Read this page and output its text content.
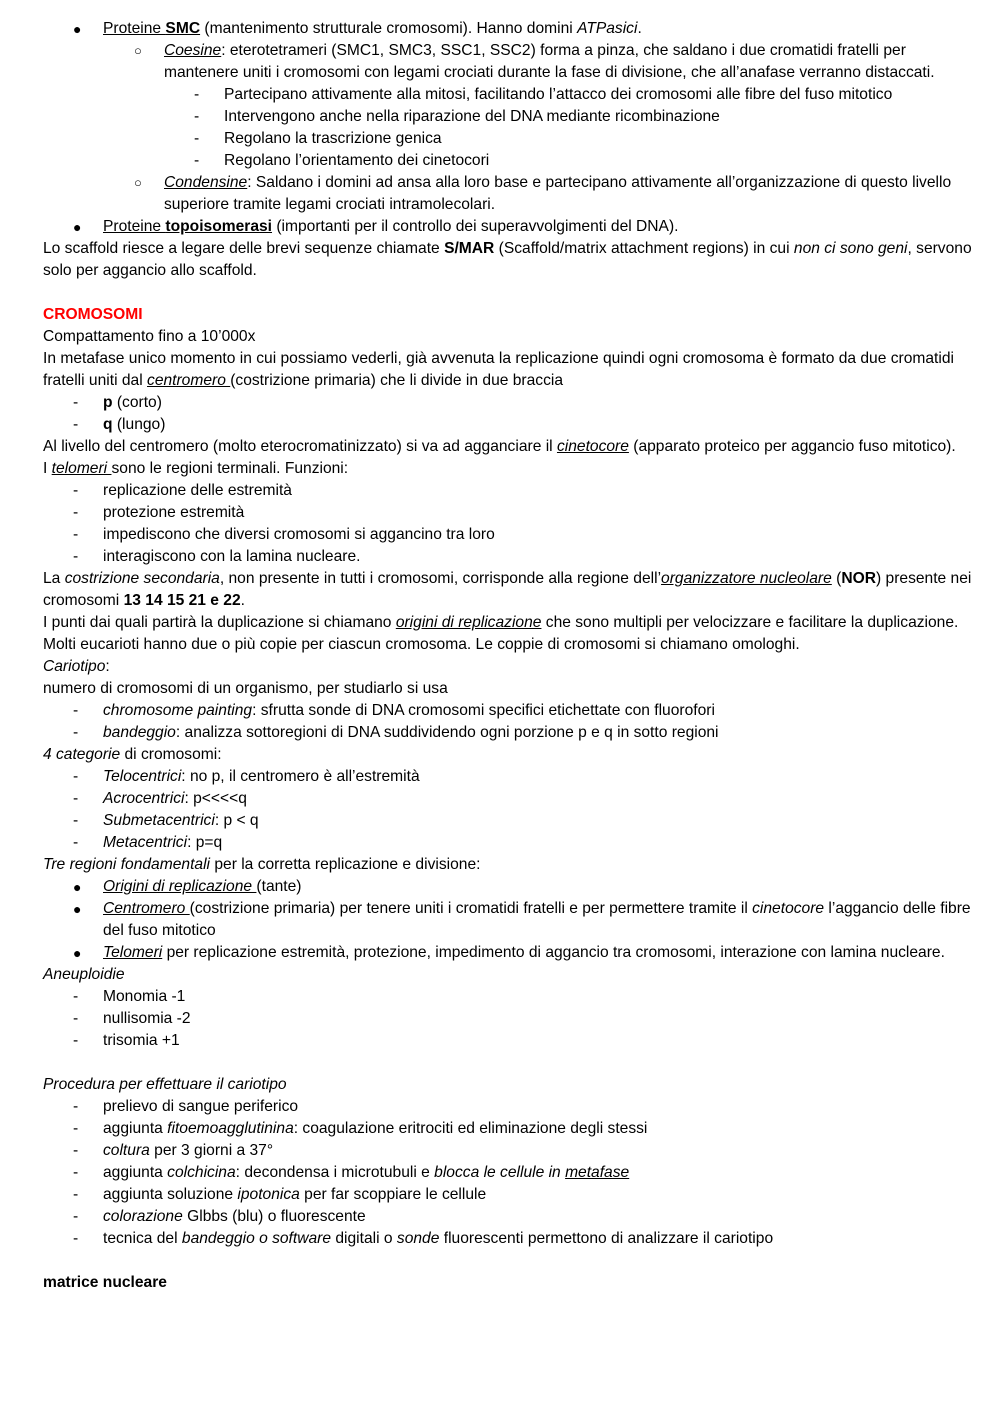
●	Proteine SMC (mantenimento strutturale cromosomi). Hanno domini ATPasici.
○	Coesine: eterotetrameri (SMC1, SMC3, SSC1, SSC2) forma a pinza, che saldano i due cromatidi fratelli per mantenere uniti i cromosomi con legami crociati durante la fase di divisione, che all’anafase verranno distaccati.
-	Partecipano attivamente alla mitosi, facilitando l’attacco dei cromosomi alle fibre del fuso mitotico
-	Intervengono anche nella riparazione del DNA mediante ricombinazione
-	Regolano la trascrizione genica
-	Regolano l’orientamento dei cinetocori
○	Condensine: Saldano i domini ad ansa alla loro base e partecipano attivamente all’organizzazione di questo livello superiore tramite legami crociati intramolecolari.
●	Proteine topoisomerasi (importanti per il controllo dei superavvolgimenti del DNA).
Lo scaffold riesce a legare delle brevi sequenze chiamate S/MAR (Scaffold/matrix attachment regions) in cui non ci sono geni, servono solo per aggancio allo scaffold.
CROMOSOMI
Compattamento fino a 10’000x
In metafase unico momento in cui possiamo vederli, già avvenuta la replicazione quindi ogni cromosoma è formato da due cromatidi fratelli uniti dal centromero (costrizione primaria) che li divide in due braccia
-	p (corto)
-	q (lungo)
Al livello del centromero (molto eterocromatinizzato) si va ad agganciare il cinetocore (apparato proteico per aggancio fuso mitotico).
I telomeri sono le regioni terminali. Funzioni:
-	replicazione delle estremità
-	protezione estremità
-	impediscono che diversi cromosomi si aggancino tra loro
-	interagiscono con la lamina nucleare.
La costrizione secondaria, non presente in tutti i cromosomi, corrisponde alla regione dell’organizzatore nucleolare (NOR) presente nei cromosomi 13 14 15 21 e 22.
I punti dai quali partirà la duplicazione si chiamano origini di replicazione che sono multipli per velocizzare e facilitare la duplicazione.
Molti eucarioti hanno due o più copie per ciascun cromosoma. Le coppie di cromosomi si chiamano omologhi.
Cariotipo:
numero di cromosomi di un organismo, per studiarlo si usa
-	chromosome painting: sfrutta sonde di DNA cromosomi specifici etichettate con fluorofori
-	bandeggio: analizza sottoregioni di DNA suddividendo ogni porzione p e q in sotto regioni
4 categorie di cromosomi:
-	Telocentrici: no p, il centromero è all’estremità
-	Acrocentrici: p<<<<q
-	Submetacentrici: p < q
-	Metacentrici: p=q
Tre regioni fondamentali per la corretta replicazione e divisione:
●	Origini di replicazione (tante)
●	Centromero (costrizione primaria) per tenere uniti i cromatidi fratelli e per permettere tramite il cinetocore l’aggancio delle fibre del fuso mitotico
●	Telomeri per replicazione estremità, protezione, impedimento di aggancio tra cromosomi, interazione con lamina nucleare.
Aneuploidie
-	Monomia -1
-	nullisomia -2
-	trisomia +1
Procedura per effettuare il cariotipo
-	prelievo di sangue periferico
-	aggiunta fitoemoagglutinina: coagulazione eritrociti ed eliminazione degli stessi
-	coltura per 3 giorni a 37°
-	aggiunta colchicina: decondensa i microtubuli e blocca le cellule in metafase
-	aggiunta soluzione ipotonica per far scoppiare le cellule
-	colorazione Glbbs (blu) o fluorescente
-	tecnica del bandeggio o software digitali o sonde fluorescenti permettono di analizzare il cariotipo
matrice nucleare
